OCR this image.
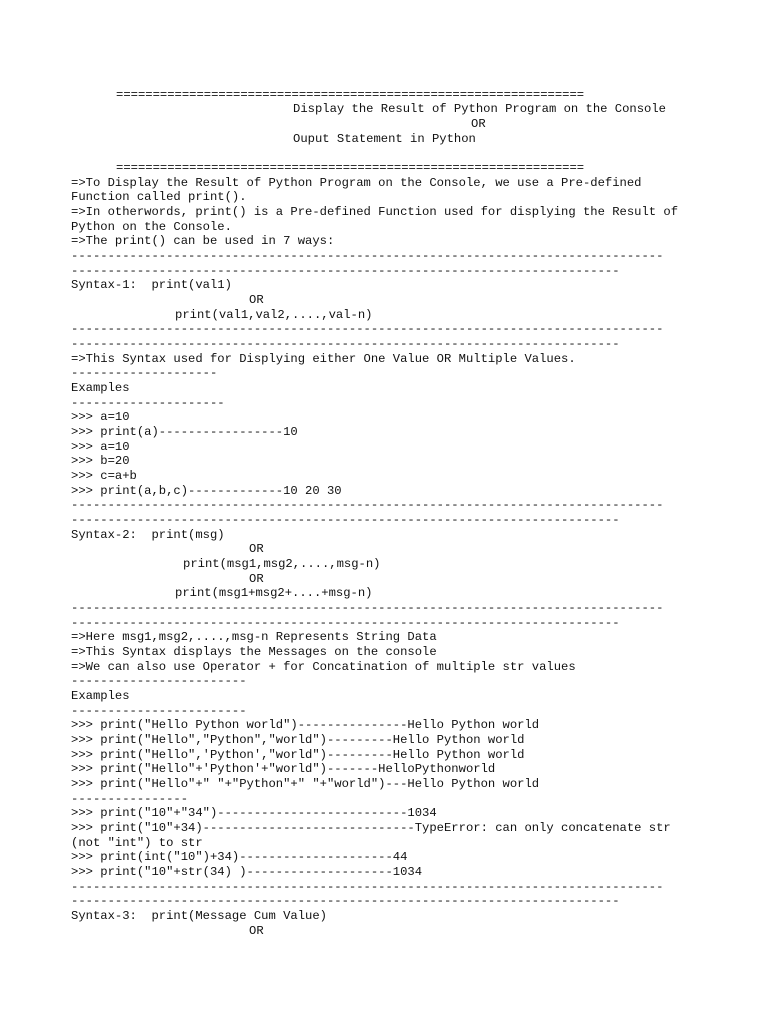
================================================================
Display the Result of Python Program on the Console
OR
Ouput Statement in Python
================================================================
=>To Display the Result of Python Program on the Console, we use a Pre-defined
Function called print().
=>In otherwords, print() is a Pre-defined Function used for displying the Result of
Python on the Console.
=>The print() can be used in 7 ways:
---------------------------------------------------------------------------------
---------------------------------------------------------------------------
Syntax-1:  print(val1)
OR
print(val1,val2,....,val-n)
---------------------------------------------------------------------------------
---------------------------------------------------------------------------
=>This Syntax used for Displying either One Value OR Multiple Values.
--------------------
Examples
---------------------
>>> a=10
>>> print(a)-----------------10
>>> a=10
>>> b=20
>>> c=a+b
>>> print(a,b,c)-------------10 20 30
---------------------------------------------------------------------------------
---------------------------------------------------------------------------
Syntax-2:  print(msg)
OR
print(msg1,msg2,....,msg-n)
OR
print(msg1+msg2+....+msg-n)
---------------------------------------------------------------------------------
---------------------------------------------------------------------------
=>Here msg1,msg2,....,msg-n Represents String Data
=>This Syntax displays the Messages on the console
=>We can also use Operator + for Concatination of multiple str values
------------------------
Examples
------------------------
>>> print("Hello Python world")---------------Hello Python world
>>> print("Hello","Python","world")---------Hello Python world
>>> print("Hello",'Python',"world")---------Hello Python world
>>> print("Hello"+'Python'+"world")-------HelloPythonworld
>>> print("Hello"+" "+"Python"+" "+"world")---Hello Python world
----------------
>>> print("10"+"34")--------------------------1034
>>> print("10"+34)-----------------------------TypeError: can only concatenate str
(not "int") to str
>>> print(int("10")+34)---------------------44
>>> print("10"+str(34) )--------------------1034
---------------------------------------------------------------------------------
---------------------------------------------------------------------------
Syntax-3:  print(Message Cum Value)
OR
